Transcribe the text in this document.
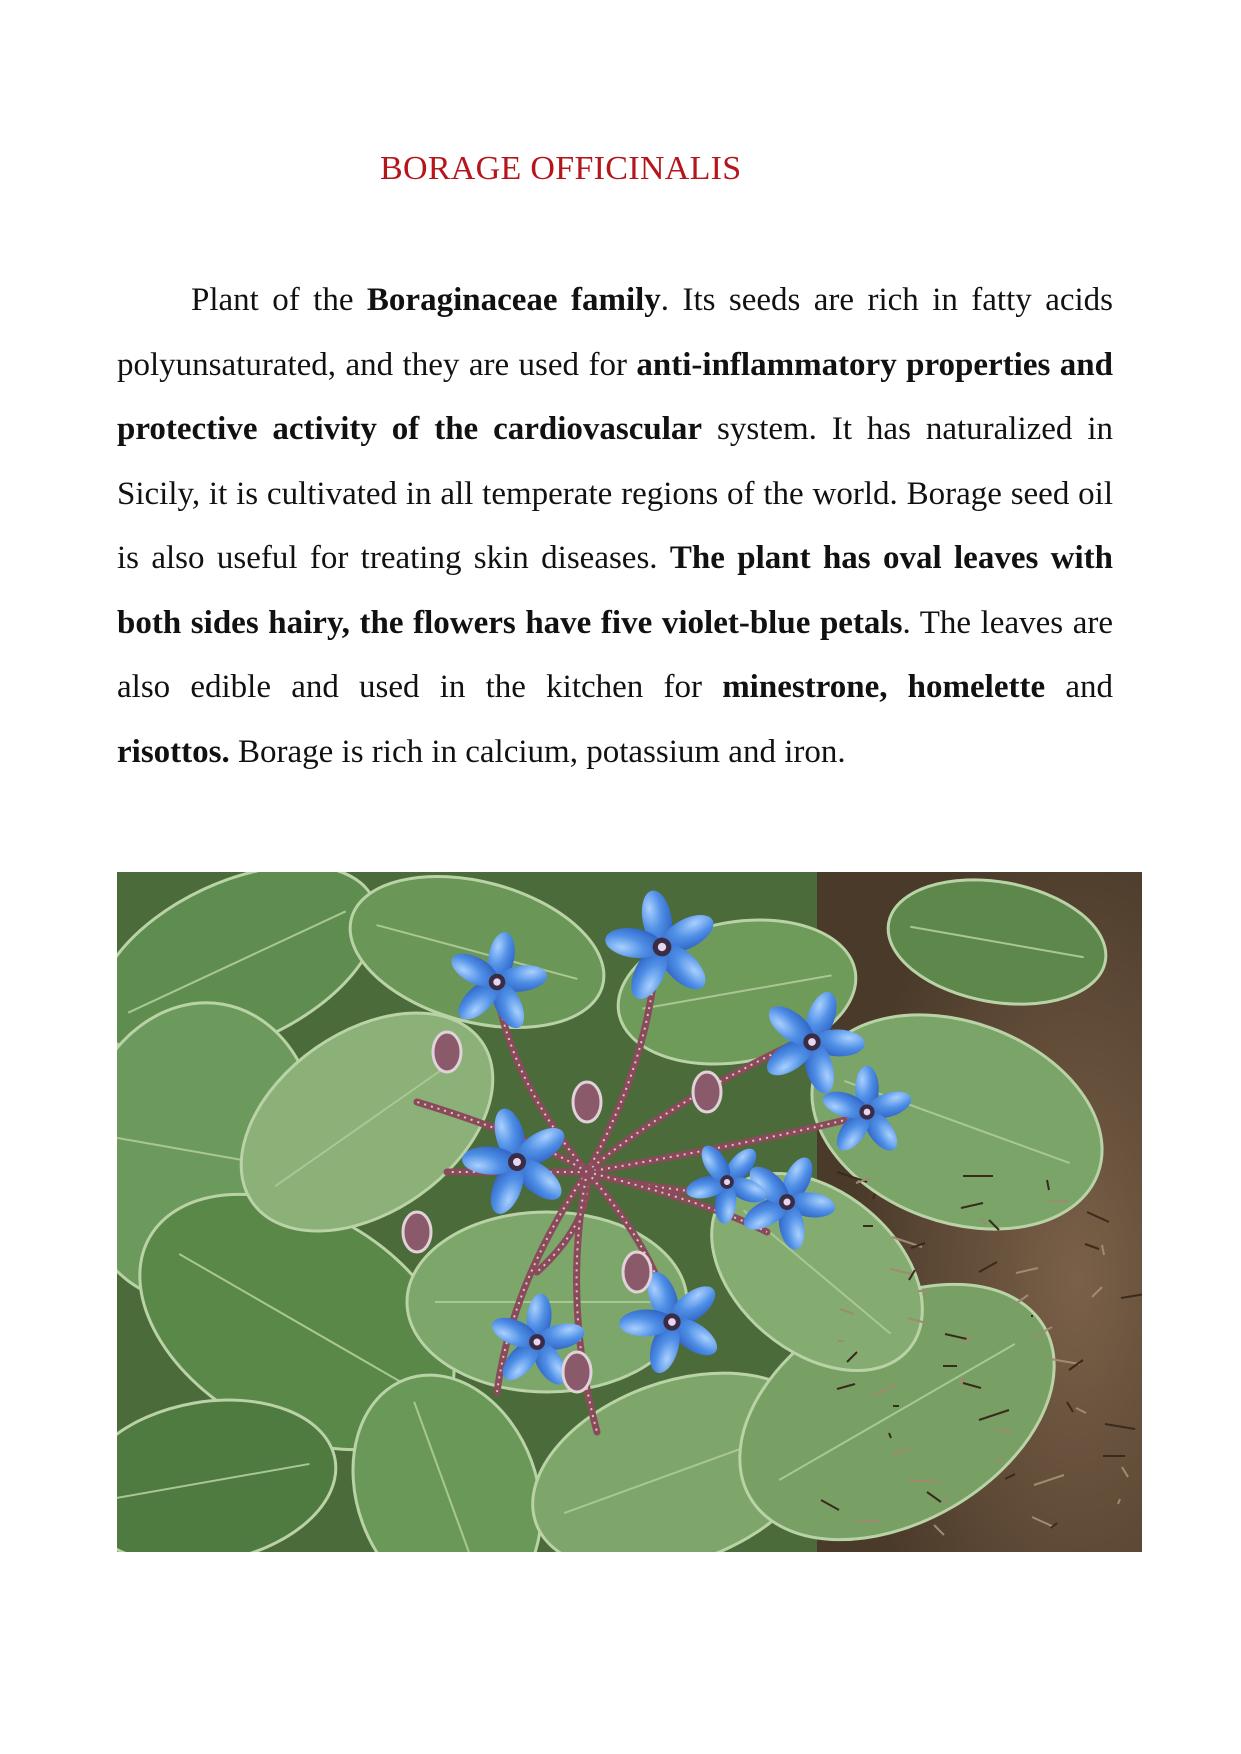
BORAGE OFFICINALIS

Plant of the Boraginaceae family. Its seeds are rich in fatty acids polyunsaturated, and they are used for anti-inflammatory properties and protective activity of the cardiovascular system. It has naturalized in Sicily, it is cultivated in all temperate regions of the world. Borage seed oil is also useful for treating skin diseases. The plant has oval leaves with both sides hairy, the flowers have five violet-blue petals. The leaves are also edible and used in the kitchen for minestrone, homelette and risottos. Borage is rich in calcium, potassium and iron.
